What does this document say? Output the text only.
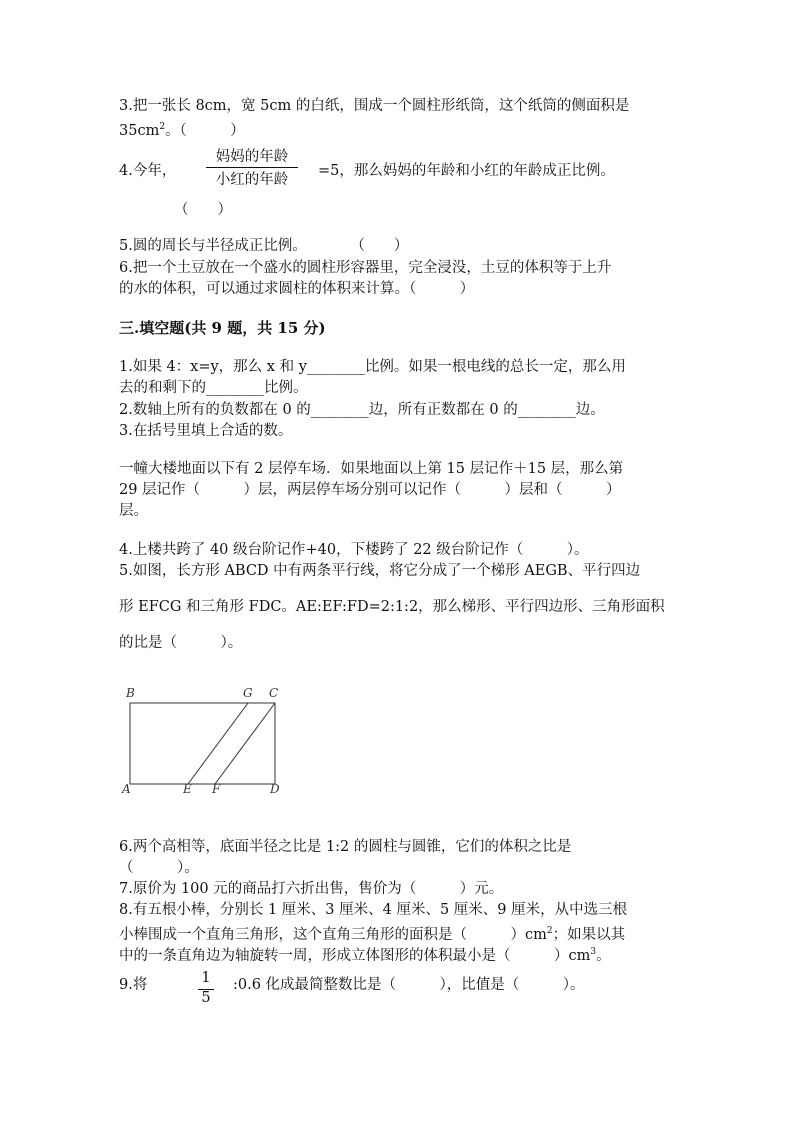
3.把一张长 8cm，宽 5cm 的白纸，围成一个圆柱形纸筒，这个纸筒的侧面积是
$35cm^2$。（　　　）
4.今年，
妈妈的年龄
小红的年龄
=5，那么妈妈的年龄和小红的年龄成正比例。
（　　）
5.圆的周长与半径成正比例。　　　　（　　）
6.把一个土豆放在一个盛水的圆柱形容器里，完全浸没，土豆的体积等于上升
的水的体积，可以通过求圆柱的体积来计算。（　　　）
三.填空题(共 9 题，共 15 分)
1.如果 4：x=y，那么 x 和 y________比例。如果一根电线的总长一定，那么用
去的和剩下的________比例。
2.数轴上所有的负数都在 0 的________边，所有正数都在 0 的________边。
3.在括号里填上合适的数。
一幢大楼地面以下有 2 层停车场．如果地面以上第 15 层记作＋15 层，那么第
29 层记作（　　　）层，两层停车场分别可以记作（　　　）层和（　　　）
层。
4.上楼共跨了 40 级台阶记作+40，下楼跨了 22 级台阶记作（　　　）。
5.如图，长方形 ABCD 中有两条平行线，将它分成了一个梯形 AEGB、平行四边
形 EFCG 和三角形 FDC。AE:EF:FD=2:1:2，那么梯形、平行四边形、三角形面积
的比是（　　　）。
B	G C
A	E F	D
6.两个高相等，底面半径之比是 1:2 的圆柱与圆锥，它们的体积之比是
（　　　）。
7.原价为 100 元的商品打六折出售，售价为（　　　）元。
8.有五根小棒，分别长 1 厘米、3 厘米、4 厘米、5 厘米、9 厘米，从中选三根
小棒围成一个直角三角形，这个直角三角形的面积是（　　　）$cm^2$；如果以其
中的一条直角边为轴旋转一周，形成立体图形的体积最小是（　　　）$cm^3$。
9.将	1
5
:0.6 化成最简整数比是（　　　），比值是（　　　）。
